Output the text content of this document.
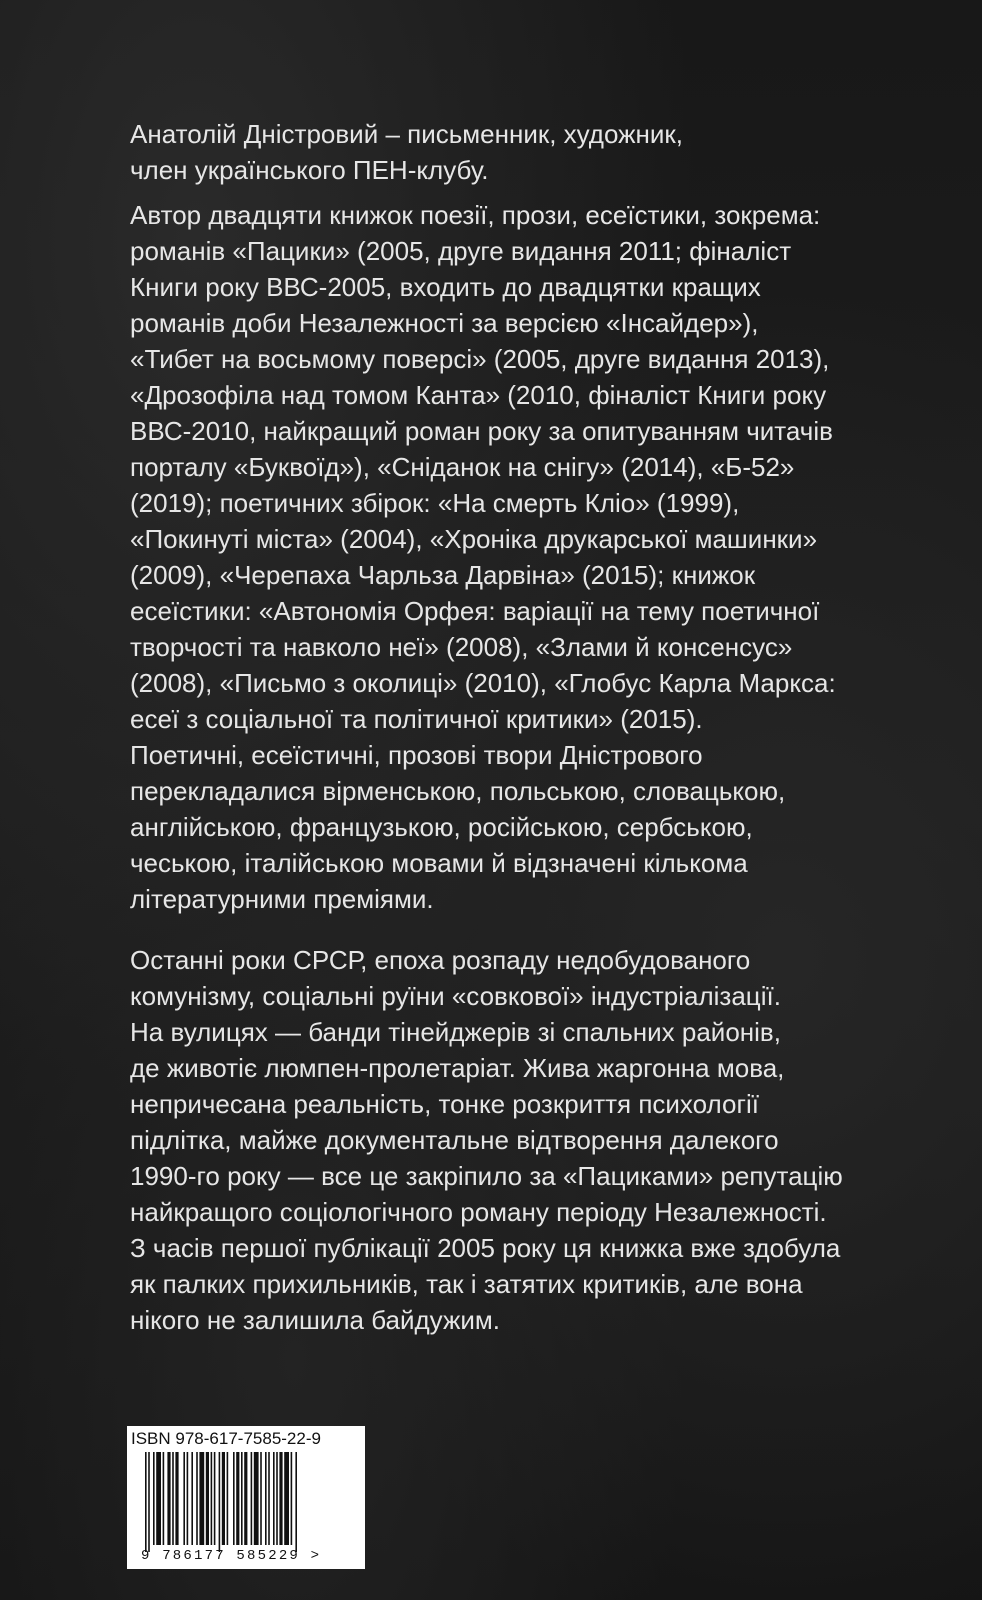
Анатолій Дністровий – письменник, художник,
член українського ПЕН-клубу.
Автор двадцяти книжок поезії, прози, есеїстики, зокрема:
романів «Пацики» (2005, друге видання 2011; фіналіст
Книги року ВВС-2005, входить до двадцятки кращих
романів доби Незалежності за версією «Інсайдер»),
«Тибет на восьмому поверсі» (2005, друге видання 2013),
«Дрозофіла над томом Канта» (2010, фіналіст Книги року
ВВС-2010, найкращий роман року за опитуванням читачів
порталу «Буквоїд»), «Сніданок на снігу» (2014), «Б-52»
(2019); поетичних збірок: «На смерть Кліо» (1999),
«Покинуті міста» (2004), «Хроніка друкарської машинки»
(2009), «Черепаха Чарльза Дарвіна» (2015); книжок
есеїстики: «Автономія Орфея: варіації на тему поетичної
творчості та навколо неї» (2008), «Злами й консенсус»
(2008), «Письмо з околиці» (2010), «Глобус Карла Маркса:
есеї з соціальної та політичної критики» (2015).
Поетичні, есеїстичні, прозові твори Дністрового
перекладалися вірменською, польською, словацькою,
англійською, французькою, російською, сербською,
чеською, італійською мовами й відзначені кількома
літературними преміями.
Останні роки СРСР, епоха розпаду недобудованого
комунізму, соціальні руїни «совкової» індустріалізації.
На вулицях — банди тінейджерів зі спальних районів,
де животіє люмпен-пролетаріат. Жива жаргонна мова,
непричесана реальність, тонке розкриття психології
підлітка, майже документальне відтворення далекого
1990-го року — все це закріпило за «Пациками» репутацію
найкращого соціологічного роману періоду Незалежності.
З часів першої публікації 2005 року ця книжка вже здобула
як палких прихильників, так і затятих критиків, але вона
нікого не залишила байдужим.
ISBN 978-617-7585-22-9
9 786177 585229 >
